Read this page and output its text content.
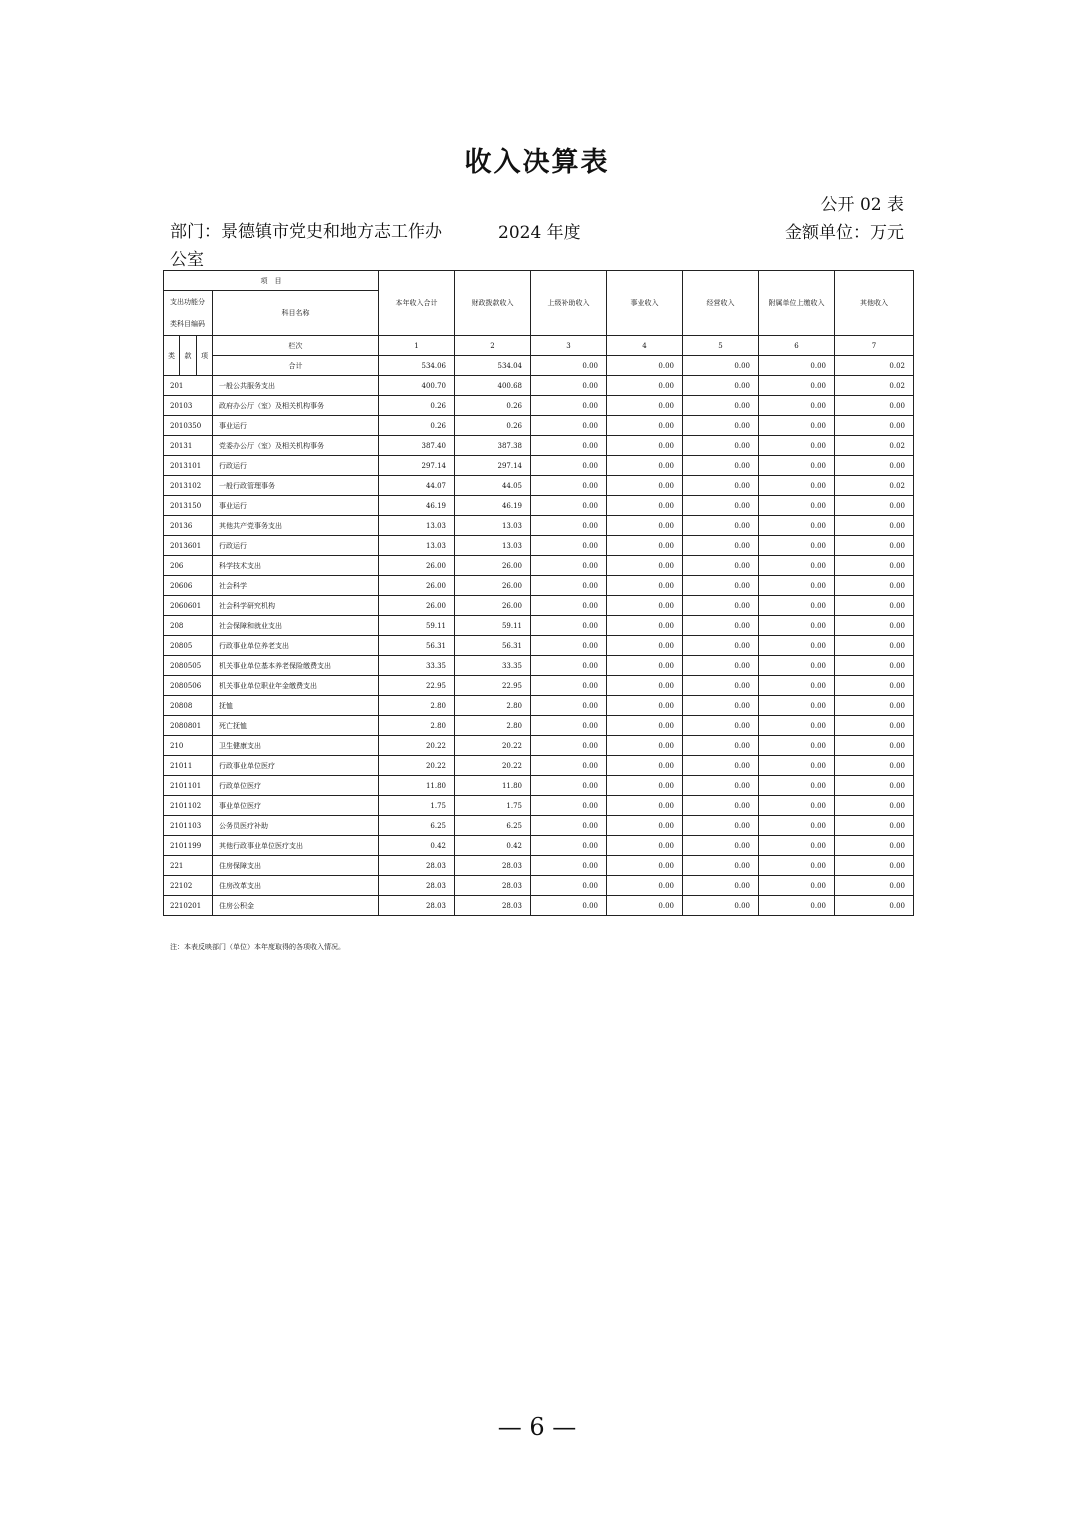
收入决算表
公开 02 表
部门：景德镇市党史和地方志工作办公室
2024 年度	金额单位：万元
项　目				本年收入合计	财政拨款收入	上级补助收入	事业收入	经营收入	附属单位上缴收入	其他收入
支出功能分			科目名称							
类科目编码										
类	款	项	栏次	1	2	3	4	5	6	7
			合计	534.06	534.04	0.00	0.00	0.00	0.00	0.02
201			一般公共服务支出	400.70	400.68	0.00	0.00	0.00	0.00	0.02
20103			政府办公厅（室）及相关机构事务	0.26	0.26	0.00	0.00	0.00	0.00	0.00
2010350			事业运行	0.26	0.26	0.00	0.00	0.00	0.00	0.00
20131			党委办公厅（室）及相关机构事务	387.40	387.38	0.00	0.00	0.00	0.00	0.02
2013101			行政运行	297.14	297.14	0.00	0.00	0.00	0.00	0.00
2013102			一般行政管理事务	44.07	44.05	0.00	0.00	0.00	0.00	0.02
2013150			事业运行	46.19	46.19	0.00	0.00	0.00	0.00	0.00
20136			其他共产党事务支出	13.03	13.03	0.00	0.00	0.00	0.00	0.00
2013601			行政运行	13.03	13.03	0.00	0.00	0.00	0.00	0.00
206			科学技术支出	26.00	26.00	0.00	0.00	0.00	0.00	0.00
20606			社会科学	26.00	26.00	0.00	0.00	0.00	0.00	0.00
2060601			社会科学研究机构	26.00	26.00	0.00	0.00	0.00	0.00	0.00
208			社会保障和就业支出	59.11	59.11	0.00	0.00	0.00	0.00	0.00
20805			行政事业单位养老支出	56.31	56.31	0.00	0.00	0.00	0.00	0.00
2080505			机关事业单位基本养老保险缴费支出	33.35	33.35	0.00	0.00	0.00	0.00	0.00
2080506			机关事业单位职业年金缴费支出	22.95	22.95	0.00	0.00	0.00	0.00	0.00
20808			抚恤	2.80	2.80	0.00	0.00	0.00	0.00	0.00
2080801			死亡抚恤	2.80	2.80	0.00	0.00	0.00	0.00	0.00
210			卫生健康支出	20.22	20.22	0.00	0.00	0.00	0.00	0.00
21011			行政事业单位医疗	20.22	20.22	0.00	0.00	0.00	0.00	0.00
2101101			行政单位医疗	11.80	11.80	0.00	0.00	0.00	0.00	0.00
2101102			事业单位医疗	1.75	1.75	0.00	0.00	0.00	0.00	0.00
2101103			公务员医疗补助	6.25	6.25	0.00	0.00	0.00	0.00	0.00
2101199			其他行政事业单位医疗支出	0.42	0.42	0.00	0.00	0.00	0.00	0.00
221			住房保障支出	28.03	28.03	0.00	0.00	0.00	0.00	0.00
22102			住房改革支出	28.03	28.03	0.00	0.00	0.00	0.00	0.00
2210201			住房公积金	28.03	28.03	0.00	0.00	0.00	0.00	0.00
注：本表反映部门（单位）本年度取得的各项收入情况。
— 6 —
